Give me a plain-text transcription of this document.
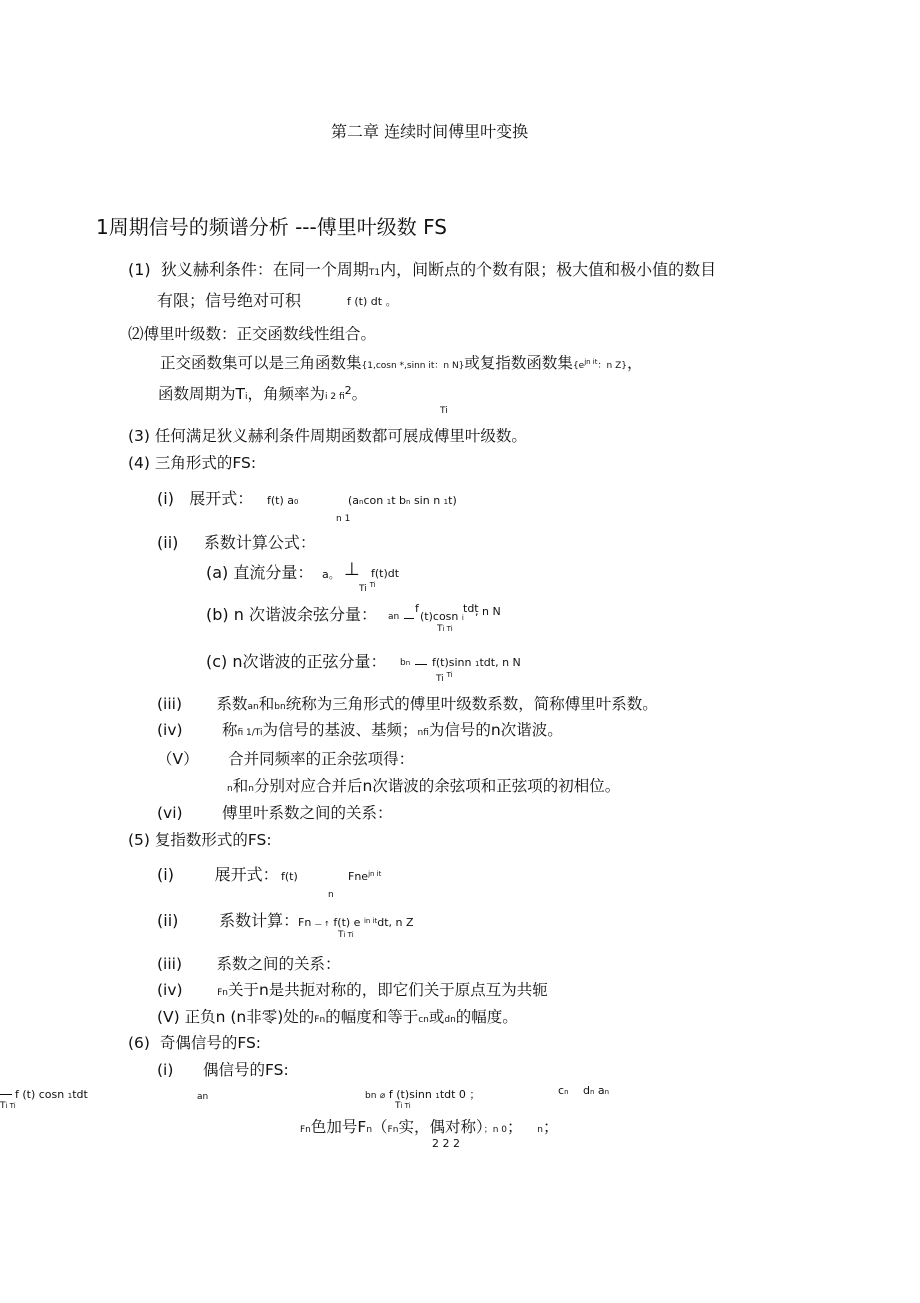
第二章 连续时间傅里叶变换
1周期信号的频谱分析 ---傅里叶级数 FS
(1) 狄义赫利条件：在同一个周期T1内，间断点的个数有限；极大值和极小值的数目
有限；信号绝对可积	f (t) dt 。
⑵傅里叶级数：正交函数线性组合。
正交函数集可以是三角函数集{1,cosn *,sinn it：n N}或复指数函数集{$e^{jn it}$：n Z}，
函数周期为Ti，角频率为i 2 $fi^2$。
Ti
(3) 任何满足狄义赫利条件周期函数都可展成傅里叶级数。
(4) 三角形式的FS:
(i) 展开式： f(t) a0	(ancon 1t bn sin n 1t)
n 1
(ii) 系数计算公式：
(a) 直流分量： a。 ⊥ f(t)dt
Ti $^{Ti}$
(b) n 次谐波余弦分量： an
f
(t)cosn i
tdt
, n N
Ti Ti
(c) n次谐波的正弦分量： bn f(t)sinn 1tdt, n N
Ti $^{Ti}$
(iii) 系数an和bn统称为三角形式的傅里叶级数系数，简称傅里叶系数。
(iv)	称fi 1/Ti为信号的基波、基频；nfi为信号的n次谐波。
（V） 合并同频率的正余弦项得：
n和n分别对应合并后n次谐波的余弦项和正弦项的初相位。
(vi)	傅里叶系数之间的关系：
(5) 复指数形式的FS:
(i)	展开式： f(t)	Fne$^{jn it}$
n
(ii)	系数计算：
Fn — ↑ f(t) e $^{in it}$dt, n Z
Ti Ti
(iii) 系数之间的关系：
(iv)	Fn关于n是共扼对称的，即它们关于原点互为共轭
(V) 正负n (n非零)处的Fn的幅度和等于cn或dn的幅度。
(6) 奇偶信号的FS:
(i) 偶信号的FS:
f (t) cosn 1tdt
Ti Ti
an	bn ⌀ f (t)sinn 1tdt 0 ；
Ti Ti
cn dn an
Fn色加号Fn（Fn实，偶对称）；n 0； n；
2 2 2
